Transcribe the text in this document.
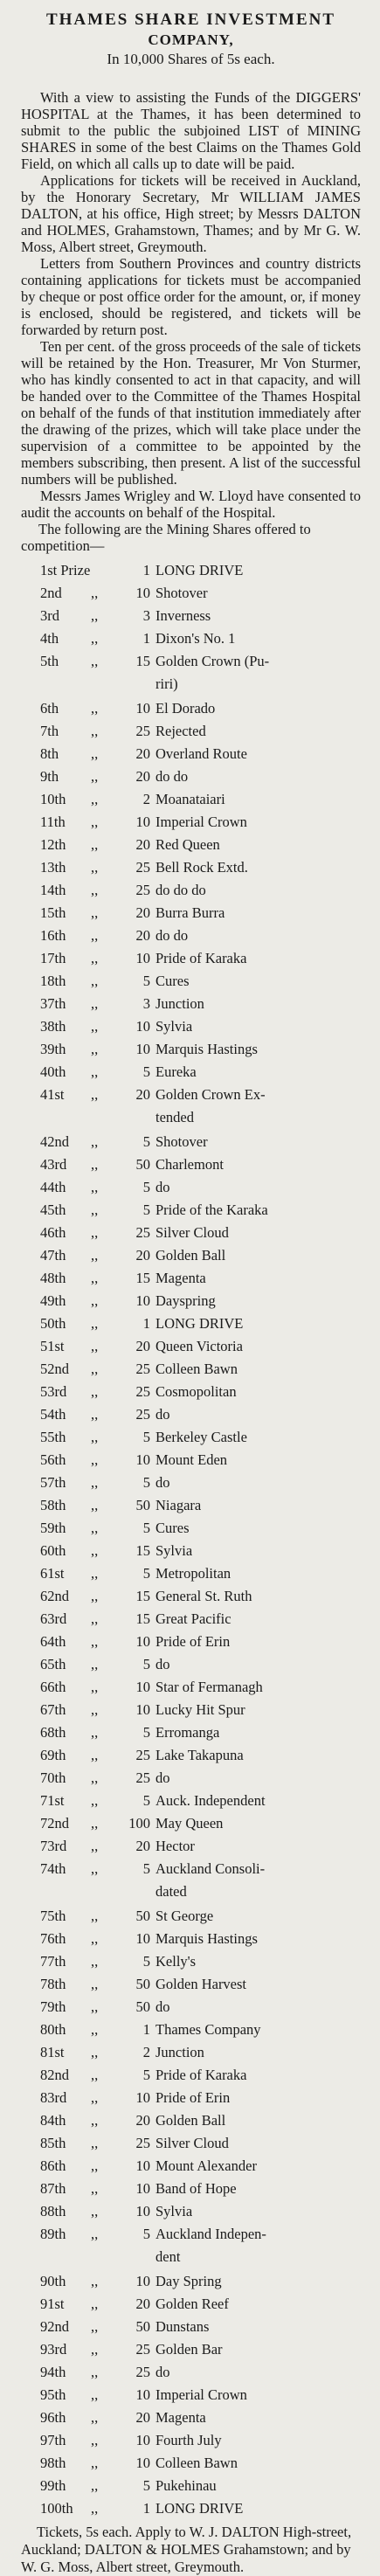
THAMES SHARE INVESTMENT
COMPANY,
In 10,000 Shares of 5s each.

With a view to assisting the Funds of the DIGGERS' HOSPITAL at the Thames, it has been determined to submit to the public the subjoined LIST of MINING SHARES in some of the best Claims on the Thames Gold Field, on which all calls up to date will be paid.

Applications for tickets will be received in Auckland, by the Honorary Secretary, Mr WILLIAM JAMES DALTON, at his office, High street; by Messrs DALTON and HOLMES, Grahamstown, Thames; and by Mr G. W. Moss, Albert street, Greymouth.

Letters from Southern Provinces and country districts containing applications for tickets must be accompanied by cheque or post office order for the amount, or, if money is enclosed, should be registered, and tickets will be forwarded by return post.

Ten per cent. of the gross proceeds of the sale of tickets will be retained by the Hon. Treasurer, Mr Von Sturmer, who has kindly consented to act in that capacity, and will be handed over to the Committee of the Thames Hospital on behalf of the funds of that institution immediately after the drawing of the prizes, which will take place under the supervision of a committee to be appointed by the members subscribing, then present. A list of the successful numbers will be published.

Messrs James Wrigley and W. Lloyd have consented to audit the accounts on behalf of the Hospital.

The following are the Mining Shares offered to competition—

1st Prize	1 LONG DRIVE
2nd	,,	10 Shotover
3rd	,,	3 Inverness
4th	,,	1 Dixon's No. 1
5th	,,	15 Golden Crown (Pu-
riri)
6th	,,	10 El Dorado
7th	,,	25 Rejected
8th	,,	20 Overland Route
9th	,,	20 do do
10th	,,	2 Moanataiari
11th	,,	10 Imperial Crown
12th	,,	20 Red Queen
13th	,,	25 Bell Rock Extd.
14th	,,	25 do do do
15th	,,	20 Burra Burra
16th	,,	20 do do
17th	,,	10 Pride of Karaka
18th	,,	5 Cures
37th	,,	3 Junction
38th	,,	10 Sylvia
39th	,,	10 Marquis Hastings
40th	,,	5 Eureka
41st	,,	20 Golden Crown Ex-
tended
42nd	,,	5 Shotover
43rd	,,	50 Charlemont
44th	,,	5 do
45th	,,	5 Pride of the Karaka
46th	,,	25 Silver Cloud
47th	,,	20 Golden Ball
48th	,,	15 Magenta
49th	,,	10 Dayspring
50th	,,	1 LONG DRIVE
51st	,,	20 Queen Victoria
52nd	,,	25 Colleen Bawn
53rd	,,	25 Cosmopolitan
54th	,,	25 do
55th	,,	5 Berkeley Castle
56th	,,	10 Mount Eden
57th	,,	5 do
58th	,,	50 Niagara
59th	,,	5 Cures
60th	,,	15 Sylvia
61st	,,	5 Metropolitan
62nd	,,	15 General St. Ruth
63rd	,,	15 Great Pacific
64th	,,	10 Pride of Erin
65th	,,	5 do
66th	,,	10 Star of Fermanagh
67th	,,	10 Lucky Hit Spur
68th	,,	5 Erromanga
69th	,,	25 Lake Takapuna
70th	,,	25 do
71st	,,	5 Auck. Independent
72nd	,,	100 May Queen
73rd	,,	20 Hector
74th	,,	5 Auckland Consoli-
dated
75th	,,	50 St George
76th	,,	10 Marquis Hastings
77th	,,	5 Kelly's
78th	,,	50 Golden Harvest
79th	,,	50 do
80th	,,	1 Thames Company
81st	,,	2 Junction
82nd	,,	5 Pride of Karaka
83rd	,,	10 Pride of Erin
84th	,,	20 Golden Ball
85th	,,	25 Silver Cloud
86th	,,	10 Mount Alexander
87th	,,	10 Band of Hope
88th	,,	10 Sylvia
89th	,,	5 Auckland Indepen-
dent
90th	,,	10 Day Spring
91st	,,	20 Golden Reef
92nd	,,	50 Dunstans
93rd	,,	25 Golden Bar
94th	,,	25 do
95th	,,	10 Imperial Crown
96th	,,	20 Magenta
97th	,,	10 Fourth July
98th	,,	10 Colleen Bawn
99th	,,	5 Pukehinau
100th	,,	1 LONG DRIVE

Tickets, 5s each. Apply to W. J. DALTON High-street, Auckland; DALTON & HOLMES Grahamstown; and by W. G. Moss, Albert street, Greymouth.
